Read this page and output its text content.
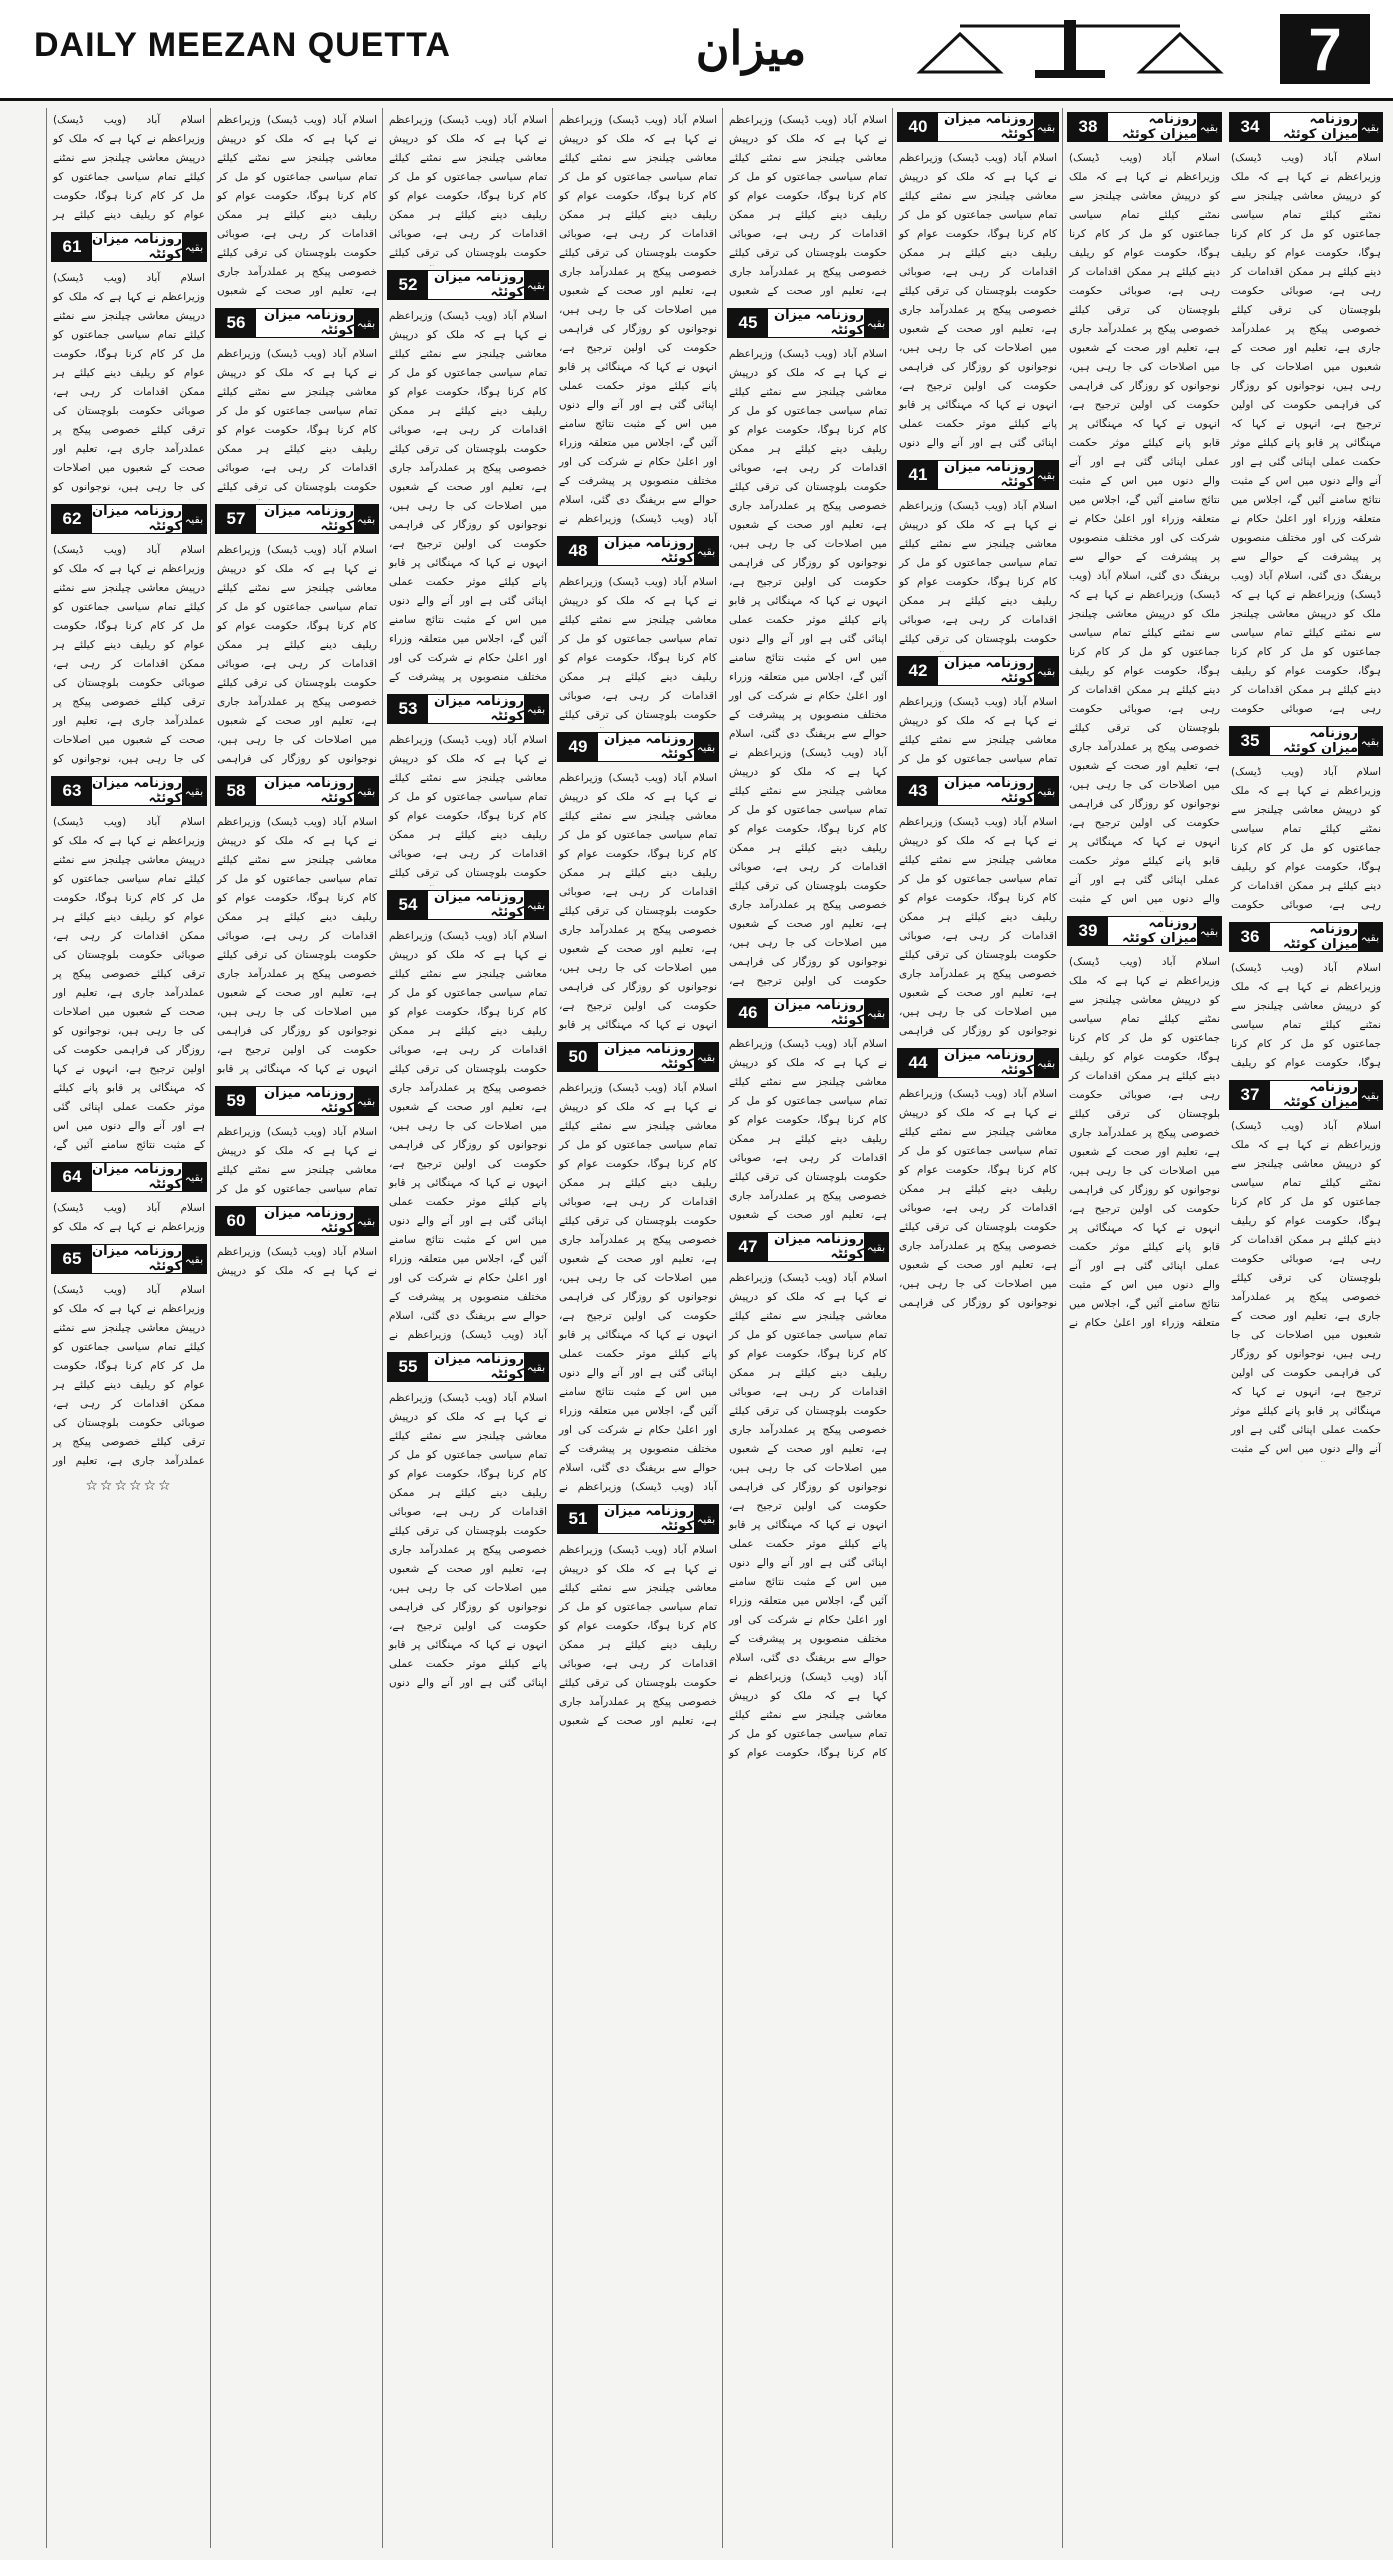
DAILY MEEZAN QUETTA	میزان	7
بقیہ
روزنامہ میزان کوئٹہ
34
اسلام آباد (ویب ڈیسک) وزیراعظم نے کہا ہے کہ ملک کو درپیش معاشی چیلنجز سے نمٹنے کیلئے تمام سیاسی جماعتوں کو مل کر کام کرنا ہوگا، حکومت عوام کو ریلیف دینے کیلئے ہر ممکن اقدامات کر رہی ہے، صوبائی حکومت بلوچستان کی ترقی کیلئے خصوصی پیکج پر عملدرآمد جاری ہے، تعلیم اور صحت کے شعبوں میں اصلاحات کی جا رہی ہیں، نوجوانوں کو روزگار کی فراہمی حکومت کی اولین ترجیح ہے، انہوں نے کہا کہ مہنگائی پر قابو پانے کیلئے موثر حکمت عملی اپنائی گئی ہے اور آنے والے دنوں میں اس کے مثبت نتائج سامنے آئیں گے، اجلاس میں متعلقہ وزراء اور اعلیٰ حکام نے شرکت کی اور مختلف منصوبوں پر پیشرفت کے حوالے سے بریفنگ دی گئی، اسلام آباد (ویب ڈیسک) وزیراعظم نے کہا ہے کہ ملک کو درپیش معاشی چیلنجز سے نمٹنے کیلئے تمام سیاسی جماعتوں کو مل کر کام کرنا ہوگا، حکومت عوام کو ریلیف دینے کیلئے ہر ممکن اقدامات کر رہی ہے، صوبائی حکومت
بقیہ
روزنامہ میزان کوئٹہ
35
اسلام آباد (ویب ڈیسک) وزیراعظم نے کہا ہے کہ ملک کو درپیش معاشی چیلنجز سے نمٹنے کیلئے تمام سیاسی جماعتوں کو مل کر کام کرنا ہوگا، حکومت عوام کو ریلیف دینے کیلئے ہر ممکن اقدامات کر رہی ہے، صوبائی حکومت
بقیہ
روزنامہ میزان کوئٹہ
36
اسلام آباد (ویب ڈیسک) وزیراعظم نے کہا ہے کہ ملک کو درپیش معاشی چیلنجز سے نمٹنے کیلئے تمام سیاسی جماعتوں کو مل کر کام کرنا ہوگا، حکومت عوام کو ریلیف
بقیہ
روزنامہ میزان کوئٹہ
37
اسلام آباد (ویب ڈیسک) وزیراعظم نے کہا ہے کہ ملک کو درپیش معاشی چیلنجز سے نمٹنے کیلئے تمام سیاسی جماعتوں کو مل کر کام کرنا ہوگا، حکومت عوام کو ریلیف دینے کیلئے ہر ممکن اقدامات کر رہی ہے، صوبائی حکومت بلوچستان کی ترقی کیلئے خصوصی پیکج پر عملدرآمد جاری ہے، تعلیم اور صحت کے شعبوں میں اصلاحات کی جا رہی ہیں، نوجوانوں کو روزگار کی فراہمی حکومت کی اولین ترجیح ہے، انہوں نے کہا کہ مہنگائی پر قابو پانے کیلئے موثر حکمت عملی اپنائی گئی ہے اور آنے والے دنوں میں اس کے مثبت
بقیہ
روزنامہ میزان کوئٹہ
38
اسلام آباد (ویب ڈیسک) وزیراعظم نے کہا ہے کہ ملک کو درپیش معاشی چیلنجز سے نمٹنے کیلئے تمام سیاسی جماعتوں کو مل کر کام کرنا ہوگا، حکومت عوام کو ریلیف دینے کیلئے ہر ممکن اقدامات کر رہی ہے، صوبائی حکومت بلوچستان کی ترقی کیلئے خصوصی پیکج پر عملدرآمد جاری ہے، تعلیم اور صحت کے شعبوں میں اصلاحات کی جا رہی ہیں، نوجوانوں کو روزگار کی فراہمی حکومت کی اولین ترجیح ہے، انہوں نے کہا کہ مہنگائی پر قابو پانے کیلئے موثر حکمت عملی اپنائی گئی ہے اور آنے والے دنوں میں اس کے مثبت نتائج سامنے آئیں گے، اجلاس میں متعلقہ وزراء اور اعلیٰ حکام نے شرکت کی اور مختلف منصوبوں پر پیشرفت کے حوالے سے بریفنگ دی گئی، اسلام آباد (ویب ڈیسک) وزیراعظم نے کہا ہے کہ ملک کو درپیش معاشی چیلنجز سے نمٹنے کیلئے تمام سیاسی جماعتوں کو مل کر کام کرنا ہوگا، حکومت عوام کو ریلیف دینے کیلئے ہر ممکن اقدامات کر رہی ہے، صوبائی حکومت بلوچستان کی ترقی کیلئے خصوصی پیکج پر عملدرآمد جاری ہے، تعلیم اور صحت کے شعبوں میں اصلاحات کی جا رہی ہیں، نوجوانوں کو روزگار کی فراہمی حکومت کی اولین ترجیح ہے، انہوں نے کہا کہ مہنگائی پر قابو پانے کیلئے موثر حکمت عملی اپنائی گئی ہے اور آنے والے دنوں میں اس کے مثبت
بقیہ
روزنامہ میزان کوئٹہ
39
اسلام آباد (ویب ڈیسک) وزیراعظم نے کہا ہے کہ ملک کو درپیش معاشی چیلنجز سے نمٹنے کیلئے تمام سیاسی جماعتوں کو مل کر کام کرنا ہوگا، حکومت عوام کو ریلیف دینے کیلئے ہر ممکن اقدامات کر رہی ہے، صوبائی حکومت بلوچستان کی ترقی کیلئے خصوصی پیکج پر عملدرآمد جاری ہے، تعلیم اور صحت کے شعبوں میں اصلاحات کی جا رہی ہیں، نوجوانوں کو روزگار کی فراہمی حکومت کی اولین ترجیح ہے، انہوں نے کہا کہ مہنگائی پر قابو پانے کیلئے موثر حکمت عملی اپنائی گئی ہے اور آنے والے دنوں میں اس کے مثبت نتائج سامنے آئیں گے، اجلاس میں متعلقہ وزراء اور اعلیٰ حکام نے
بقیہ
روزنامہ میزان کوئٹہ
40
اسلام آباد (ویب ڈیسک) وزیراعظم نے کہا ہے کہ ملک کو درپیش معاشی چیلنجز سے نمٹنے کیلئے تمام سیاسی جماعتوں کو مل کر کام کرنا ہوگا، حکومت عوام کو ریلیف دینے کیلئے ہر ممکن اقدامات کر رہی ہے، صوبائی حکومت بلوچستان کی ترقی کیلئے خصوصی پیکج پر عملدرآمد جاری ہے، تعلیم اور صحت کے شعبوں میں اصلاحات کی جا رہی ہیں، نوجوانوں کو روزگار کی فراہمی حکومت کی اولین ترجیح ہے، انہوں نے کہا کہ مہنگائی پر قابو پانے کیلئے موثر حکمت عملی اپنائی گئی ہے اور آنے والے دنوں
بقیہ
روزنامہ میزان کوئٹہ
41
اسلام آباد (ویب ڈیسک) وزیراعظم نے کہا ہے کہ ملک کو درپیش معاشی چیلنجز سے نمٹنے کیلئے تمام سیاسی جماعتوں کو مل کر کام کرنا ہوگا، حکومت عوام کو ریلیف دینے کیلئے ہر ممکن اقدامات کر رہی ہے، صوبائی حکومت بلوچستان کی ترقی کیلئے
بقیہ
روزنامہ میزان کوئٹہ
42
اسلام آباد (ویب ڈیسک) وزیراعظم نے کہا ہے کہ ملک کو درپیش معاشی چیلنجز سے نمٹنے کیلئے تمام سیاسی جماعتوں کو مل کر
بقیہ
روزنامہ میزان کوئٹہ
43
اسلام آباد (ویب ڈیسک) وزیراعظم نے کہا ہے کہ ملک کو درپیش معاشی چیلنجز سے نمٹنے کیلئے تمام سیاسی جماعتوں کو مل کر کام کرنا ہوگا، حکومت عوام کو ریلیف دینے کیلئے ہر ممکن اقدامات کر رہی ہے، صوبائی حکومت بلوچستان کی ترقی کیلئے خصوصی پیکج پر عملدرآمد جاری ہے، تعلیم اور صحت کے شعبوں میں اصلاحات کی جا رہی ہیں، نوجوانوں کو روزگار کی فراہمی
بقیہ
روزنامہ میزان کوئٹہ
44
اسلام آباد (ویب ڈیسک) وزیراعظم نے کہا ہے کہ ملک کو درپیش معاشی چیلنجز سے نمٹنے کیلئے تمام سیاسی جماعتوں کو مل کر کام کرنا ہوگا، حکومت عوام کو ریلیف دینے کیلئے ہر ممکن اقدامات کر رہی ہے، صوبائی حکومت بلوچستان کی ترقی کیلئے خصوصی پیکج پر عملدرآمد جاری ہے، تعلیم اور صحت کے شعبوں میں اصلاحات کی جا رہی ہیں، نوجوانوں کو روزگار کی فراہمی
اسلام آباد (ویب ڈیسک) وزیراعظم نے کہا ہے کہ ملک کو درپیش معاشی چیلنجز سے نمٹنے کیلئے تمام سیاسی جماعتوں کو مل کر کام کرنا ہوگا، حکومت عوام کو ریلیف دینے کیلئے ہر ممکن اقدامات کر رہی ہے، صوبائی حکومت بلوچستان کی ترقی کیلئے خصوصی پیکج پر عملدرآمد جاری ہے، تعلیم اور صحت کے شعبوں
بقیہ
روزنامہ میزان کوئٹہ
45
اسلام آباد (ویب ڈیسک) وزیراعظم نے کہا ہے کہ ملک کو درپیش معاشی چیلنجز سے نمٹنے کیلئے تمام سیاسی جماعتوں کو مل کر کام کرنا ہوگا، حکومت عوام کو ریلیف دینے کیلئے ہر ممکن اقدامات کر رہی ہے، صوبائی حکومت بلوچستان کی ترقی کیلئے خصوصی پیکج پر عملدرآمد جاری ہے، تعلیم اور صحت کے شعبوں میں اصلاحات کی جا رہی ہیں، نوجوانوں کو روزگار کی فراہمی حکومت کی اولین ترجیح ہے، انہوں نے کہا کہ مہنگائی پر قابو پانے کیلئے موثر حکمت عملی اپنائی گئی ہے اور آنے والے دنوں میں اس کے مثبت نتائج سامنے آئیں گے، اجلاس میں متعلقہ وزراء اور اعلیٰ حکام نے شرکت کی اور مختلف منصوبوں پر پیشرفت کے حوالے سے بریفنگ دی گئی، اسلام آباد (ویب ڈیسک) وزیراعظم نے کہا ہے کہ ملک کو درپیش معاشی چیلنجز سے نمٹنے کیلئے تمام سیاسی جماعتوں کو مل کر کام کرنا ہوگا، حکومت عوام کو ریلیف دینے کیلئے ہر ممکن اقدامات کر رہی ہے، صوبائی حکومت بلوچستان کی ترقی کیلئے خصوصی پیکج پر عملدرآمد جاری ہے، تعلیم اور صحت کے شعبوں میں اصلاحات کی جا رہی ہیں، نوجوانوں کو روزگار کی فراہمی حکومت کی اولین ترجیح ہے،
بقیہ
روزنامہ میزان کوئٹہ
46
اسلام آباد (ویب ڈیسک) وزیراعظم نے کہا ہے کہ ملک کو درپیش معاشی چیلنجز سے نمٹنے کیلئے تمام سیاسی جماعتوں کو مل کر کام کرنا ہوگا، حکومت عوام کو ریلیف دینے کیلئے ہر ممکن اقدامات کر رہی ہے، صوبائی حکومت بلوچستان کی ترقی کیلئے خصوصی پیکج پر عملدرآمد جاری ہے، تعلیم اور صحت کے شعبوں
بقیہ
روزنامہ میزان کوئٹہ
47
اسلام آباد (ویب ڈیسک) وزیراعظم نے کہا ہے کہ ملک کو درپیش معاشی چیلنجز سے نمٹنے کیلئے تمام سیاسی جماعتوں کو مل کر کام کرنا ہوگا، حکومت عوام کو ریلیف دینے کیلئے ہر ممکن اقدامات کر رہی ہے، صوبائی حکومت بلوچستان کی ترقی کیلئے خصوصی پیکج پر عملدرآمد جاری ہے، تعلیم اور صحت کے شعبوں میں اصلاحات کی جا رہی ہیں، نوجوانوں کو روزگار کی فراہمی حکومت کی اولین ترجیح ہے، انہوں نے کہا کہ مہنگائی پر قابو پانے کیلئے موثر حکمت عملی اپنائی گئی ہے اور آنے والے دنوں میں اس کے مثبت نتائج سامنے آئیں گے، اجلاس میں متعلقہ وزراء اور اعلیٰ حکام نے شرکت کی اور مختلف منصوبوں پر پیشرفت کے حوالے سے بریفنگ دی گئی، اسلام آباد (ویب ڈیسک) وزیراعظم نے کہا ہے کہ ملک کو درپیش معاشی چیلنجز سے نمٹنے کیلئے تمام سیاسی جماعتوں کو مل کر کام کرنا ہوگا، حکومت عوام کو
اسلام آباد (ویب ڈیسک) وزیراعظم نے کہا ہے کہ ملک کو درپیش معاشی چیلنجز سے نمٹنے کیلئے تمام سیاسی جماعتوں کو مل کر کام کرنا ہوگا، حکومت عوام کو ریلیف دینے کیلئے ہر ممکن اقدامات کر رہی ہے، صوبائی حکومت بلوچستان کی ترقی کیلئے خصوصی پیکج پر عملدرآمد جاری ہے، تعلیم اور صحت کے شعبوں میں اصلاحات کی جا رہی ہیں، نوجوانوں کو روزگار کی فراہمی حکومت کی اولین ترجیح ہے، انہوں نے کہا کہ مہنگائی پر قابو پانے کیلئے موثر حکمت عملی اپنائی گئی ہے اور آنے والے دنوں میں اس کے مثبت نتائج سامنے آئیں گے، اجلاس میں متعلقہ وزراء اور اعلیٰ حکام نے شرکت کی اور مختلف منصوبوں پر پیشرفت کے حوالے سے بریفنگ دی گئی، اسلام آباد (ویب ڈیسک) وزیراعظم نے
بقیہ
روزنامہ میزان کوئٹہ
48
اسلام آباد (ویب ڈیسک) وزیراعظم نے کہا ہے کہ ملک کو درپیش معاشی چیلنجز سے نمٹنے کیلئے تمام سیاسی جماعتوں کو مل کر کام کرنا ہوگا، حکومت عوام کو ریلیف دینے کیلئے ہر ممکن اقدامات کر رہی ہے، صوبائی حکومت بلوچستان کی ترقی کیلئے
بقیہ
روزنامہ میزان کوئٹہ
49
اسلام آباد (ویب ڈیسک) وزیراعظم نے کہا ہے کہ ملک کو درپیش معاشی چیلنجز سے نمٹنے کیلئے تمام سیاسی جماعتوں کو مل کر کام کرنا ہوگا، حکومت عوام کو ریلیف دینے کیلئے ہر ممکن اقدامات کر رہی ہے، صوبائی حکومت بلوچستان کی ترقی کیلئے خصوصی پیکج پر عملدرآمد جاری ہے، تعلیم اور صحت کے شعبوں میں اصلاحات کی جا رہی ہیں، نوجوانوں کو روزگار کی فراہمی حکومت کی اولین ترجیح ہے، انہوں نے کہا کہ مہنگائی پر قابو
بقیہ
روزنامہ میزان کوئٹہ
50
اسلام آباد (ویب ڈیسک) وزیراعظم نے کہا ہے کہ ملک کو درپیش معاشی چیلنجز سے نمٹنے کیلئے تمام سیاسی جماعتوں کو مل کر کام کرنا ہوگا، حکومت عوام کو ریلیف دینے کیلئے ہر ممکن اقدامات کر رہی ہے، صوبائی حکومت بلوچستان کی ترقی کیلئے خصوصی پیکج پر عملدرآمد جاری ہے، تعلیم اور صحت کے شعبوں میں اصلاحات کی جا رہی ہیں، نوجوانوں کو روزگار کی فراہمی حکومت کی اولین ترجیح ہے، انہوں نے کہا کہ مہنگائی پر قابو پانے کیلئے موثر حکمت عملی اپنائی گئی ہے اور آنے والے دنوں میں اس کے مثبت نتائج سامنے آئیں گے، اجلاس میں متعلقہ وزراء اور اعلیٰ حکام نے شرکت کی اور مختلف منصوبوں پر پیشرفت کے حوالے سے بریفنگ دی گئی، اسلام آباد (ویب ڈیسک) وزیراعظم نے
بقیہ
روزنامہ میزان کوئٹہ
51
اسلام آباد (ویب ڈیسک) وزیراعظم نے کہا ہے کہ ملک کو درپیش معاشی چیلنجز سے نمٹنے کیلئے تمام سیاسی جماعتوں کو مل کر کام کرنا ہوگا، حکومت عوام کو ریلیف دینے کیلئے ہر ممکن اقدامات کر رہی ہے، صوبائی حکومت بلوچستان کی ترقی کیلئے خصوصی پیکج پر عملدرآمد جاری ہے، تعلیم اور صحت کے شعبوں
اسلام آباد (ویب ڈیسک) وزیراعظم نے کہا ہے کہ ملک کو درپیش معاشی چیلنجز سے نمٹنے کیلئے تمام سیاسی جماعتوں کو مل کر کام کرنا ہوگا، حکومت عوام کو ریلیف دینے کیلئے ہر ممکن اقدامات کر رہی ہے، صوبائی حکومت بلوچستان کی ترقی کیلئے
بقیہ
روزنامہ میزان کوئٹہ
52
اسلام آباد (ویب ڈیسک) وزیراعظم نے کہا ہے کہ ملک کو درپیش معاشی چیلنجز سے نمٹنے کیلئے تمام سیاسی جماعتوں کو مل کر کام کرنا ہوگا، حکومت عوام کو ریلیف دینے کیلئے ہر ممکن اقدامات کر رہی ہے، صوبائی حکومت بلوچستان کی ترقی کیلئے خصوصی پیکج پر عملدرآمد جاری ہے، تعلیم اور صحت کے شعبوں میں اصلاحات کی جا رہی ہیں، نوجوانوں کو روزگار کی فراہمی حکومت کی اولین ترجیح ہے، انہوں نے کہا کہ مہنگائی پر قابو پانے کیلئے موثر حکمت عملی اپنائی گئی ہے اور آنے والے دنوں میں اس کے مثبت نتائج سامنے آئیں گے، اجلاس میں متعلقہ وزراء اور اعلیٰ حکام نے شرکت کی اور مختلف منصوبوں پر پیشرفت کے
بقیہ
روزنامہ میزان کوئٹہ
53
اسلام آباد (ویب ڈیسک) وزیراعظم نے کہا ہے کہ ملک کو درپیش معاشی چیلنجز سے نمٹنے کیلئے تمام سیاسی جماعتوں کو مل کر کام کرنا ہوگا، حکومت عوام کو ریلیف دینے کیلئے ہر ممکن اقدامات کر رہی ہے، صوبائی حکومت بلوچستان کی ترقی کیلئے
بقیہ
روزنامہ میزان کوئٹہ
54
اسلام آباد (ویب ڈیسک) وزیراعظم نے کہا ہے کہ ملک کو درپیش معاشی چیلنجز سے نمٹنے کیلئے تمام سیاسی جماعتوں کو مل کر کام کرنا ہوگا، حکومت عوام کو ریلیف دینے کیلئے ہر ممکن اقدامات کر رہی ہے، صوبائی حکومت بلوچستان کی ترقی کیلئے خصوصی پیکج پر عملدرآمد جاری ہے، تعلیم اور صحت کے شعبوں میں اصلاحات کی جا رہی ہیں، نوجوانوں کو روزگار کی فراہمی حکومت کی اولین ترجیح ہے، انہوں نے کہا کہ مہنگائی پر قابو پانے کیلئے موثر حکمت عملی اپنائی گئی ہے اور آنے والے دنوں میں اس کے مثبت نتائج سامنے آئیں گے، اجلاس میں متعلقہ وزراء اور اعلیٰ حکام نے شرکت کی اور مختلف منصوبوں پر پیشرفت کے حوالے سے بریفنگ دی گئی، اسلام آباد (ویب ڈیسک) وزیراعظم نے
بقیہ
روزنامہ میزان کوئٹہ
55
اسلام آباد (ویب ڈیسک) وزیراعظم نے کہا ہے کہ ملک کو درپیش معاشی چیلنجز سے نمٹنے کیلئے تمام سیاسی جماعتوں کو مل کر کام کرنا ہوگا، حکومت عوام کو ریلیف دینے کیلئے ہر ممکن اقدامات کر رہی ہے، صوبائی حکومت بلوچستان کی ترقی کیلئے خصوصی پیکج پر عملدرآمد جاری ہے، تعلیم اور صحت کے شعبوں میں اصلاحات کی جا رہی ہیں، نوجوانوں کو روزگار کی فراہمی حکومت کی اولین ترجیح ہے، انہوں نے کہا کہ مہنگائی پر قابو پانے کیلئے موثر حکمت عملی اپنائی گئی ہے اور آنے والے دنوں
اسلام آباد (ویب ڈیسک) وزیراعظم نے کہا ہے کہ ملک کو درپیش معاشی چیلنجز سے نمٹنے کیلئے تمام سیاسی جماعتوں کو مل کر کام کرنا ہوگا، حکومت عوام کو ریلیف دینے کیلئے ہر ممکن اقدامات کر رہی ہے، صوبائی حکومت بلوچستان کی ترقی کیلئے خصوصی پیکج پر عملدرآمد جاری ہے، تعلیم اور صحت کے شعبوں
بقیہ
روزنامہ میزان کوئٹہ
56
اسلام آباد (ویب ڈیسک) وزیراعظم نے کہا ہے کہ ملک کو درپیش معاشی چیلنجز سے نمٹنے کیلئے تمام سیاسی جماعتوں کو مل کر کام کرنا ہوگا، حکومت عوام کو ریلیف دینے کیلئے ہر ممکن اقدامات کر رہی ہے، صوبائی حکومت بلوچستان کی ترقی کیلئے
بقیہ
روزنامہ میزان کوئٹہ
57
اسلام آباد (ویب ڈیسک) وزیراعظم نے کہا ہے کہ ملک کو درپیش معاشی چیلنجز سے نمٹنے کیلئے تمام سیاسی جماعتوں کو مل کر کام کرنا ہوگا، حکومت عوام کو ریلیف دینے کیلئے ہر ممکن اقدامات کر رہی ہے، صوبائی حکومت بلوچستان کی ترقی کیلئے خصوصی پیکج پر عملدرآمد جاری ہے، تعلیم اور صحت کے شعبوں میں اصلاحات کی جا رہی ہیں، نوجوانوں کو روزگار کی فراہمی
بقیہ
روزنامہ میزان کوئٹہ
58
اسلام آباد (ویب ڈیسک) وزیراعظم نے کہا ہے کہ ملک کو درپیش معاشی چیلنجز سے نمٹنے کیلئے تمام سیاسی جماعتوں کو مل کر کام کرنا ہوگا، حکومت عوام کو ریلیف دینے کیلئے ہر ممکن اقدامات کر رہی ہے، صوبائی حکومت بلوچستان کی ترقی کیلئے خصوصی پیکج پر عملدرآمد جاری ہے، تعلیم اور صحت کے شعبوں میں اصلاحات کی جا رہی ہیں، نوجوانوں کو روزگار کی فراہمی حکومت کی اولین ترجیح ہے، انہوں نے کہا کہ مہنگائی پر قابو
بقیہ
روزنامہ میزان کوئٹہ
59
اسلام آباد (ویب ڈیسک) وزیراعظم نے کہا ہے کہ ملک کو درپیش معاشی چیلنجز سے نمٹنے کیلئے تمام سیاسی جماعتوں کو مل کر
بقیہ
روزنامہ میزان کوئٹہ
60
اسلام آباد (ویب ڈیسک) وزیراعظم نے کہا ہے کہ ملک کو درپیش
اسلام آباد (ویب ڈیسک) وزیراعظم نے کہا ہے کہ ملک کو درپیش معاشی چیلنجز سے نمٹنے کیلئے تمام سیاسی جماعتوں کو مل کر کام کرنا ہوگا، حکومت عوام کو ریلیف دینے کیلئے ہر
بقیہ
روزنامہ میزان کوئٹہ
61
اسلام آباد (ویب ڈیسک) وزیراعظم نے کہا ہے کہ ملک کو درپیش معاشی چیلنجز سے نمٹنے کیلئے تمام سیاسی جماعتوں کو مل کر کام کرنا ہوگا، حکومت عوام کو ریلیف دینے کیلئے ہر ممکن اقدامات کر رہی ہے، صوبائی حکومت بلوچستان کی ترقی کیلئے خصوصی پیکج پر عملدرآمد جاری ہے، تعلیم اور صحت کے شعبوں میں اصلاحات کی جا رہی ہیں، نوجوانوں کو
بقیہ
روزنامہ میزان کوئٹہ
62
اسلام آباد (ویب ڈیسک) وزیراعظم نے کہا ہے کہ ملک کو درپیش معاشی چیلنجز سے نمٹنے کیلئے تمام سیاسی جماعتوں کو مل کر کام کرنا ہوگا، حکومت عوام کو ریلیف دینے کیلئے ہر ممکن اقدامات کر رہی ہے، صوبائی حکومت بلوچستان کی ترقی کیلئے خصوصی پیکج پر عملدرآمد جاری ہے، تعلیم اور صحت کے شعبوں میں اصلاحات کی جا رہی ہیں، نوجوانوں کو
بقیہ
روزنامہ میزان کوئٹہ
63
اسلام آباد (ویب ڈیسک) وزیراعظم نے کہا ہے کہ ملک کو درپیش معاشی چیلنجز سے نمٹنے کیلئے تمام سیاسی جماعتوں کو مل کر کام کرنا ہوگا، حکومت عوام کو ریلیف دینے کیلئے ہر ممکن اقدامات کر رہی ہے، صوبائی حکومت بلوچستان کی ترقی کیلئے خصوصی پیکج پر عملدرآمد جاری ہے، تعلیم اور صحت کے شعبوں میں اصلاحات کی جا رہی ہیں، نوجوانوں کو روزگار کی فراہمی حکومت کی اولین ترجیح ہے، انہوں نے کہا کہ مہنگائی پر قابو پانے کیلئے موثر حکمت عملی اپنائی گئی ہے اور آنے والے دنوں میں اس کے مثبت نتائج سامنے آئیں گے،
بقیہ
روزنامہ میزان کوئٹہ
64
اسلام آباد (ویب ڈیسک) وزیراعظم نے کہا ہے کہ ملک کو
بقیہ
روزنامہ میزان کوئٹہ
65
اسلام آباد (ویب ڈیسک) وزیراعظم نے کہا ہے کہ ملک کو درپیش معاشی چیلنجز سے نمٹنے کیلئے تمام سیاسی جماعتوں کو مل کر کام کرنا ہوگا، حکومت عوام کو ریلیف دینے کیلئے ہر ممکن اقدامات کر رہی ہے، صوبائی حکومت بلوچستان کی ترقی کیلئے خصوصی پیکج پر عملدرآمد جاری ہے، تعلیم اور
☆☆☆☆☆☆
